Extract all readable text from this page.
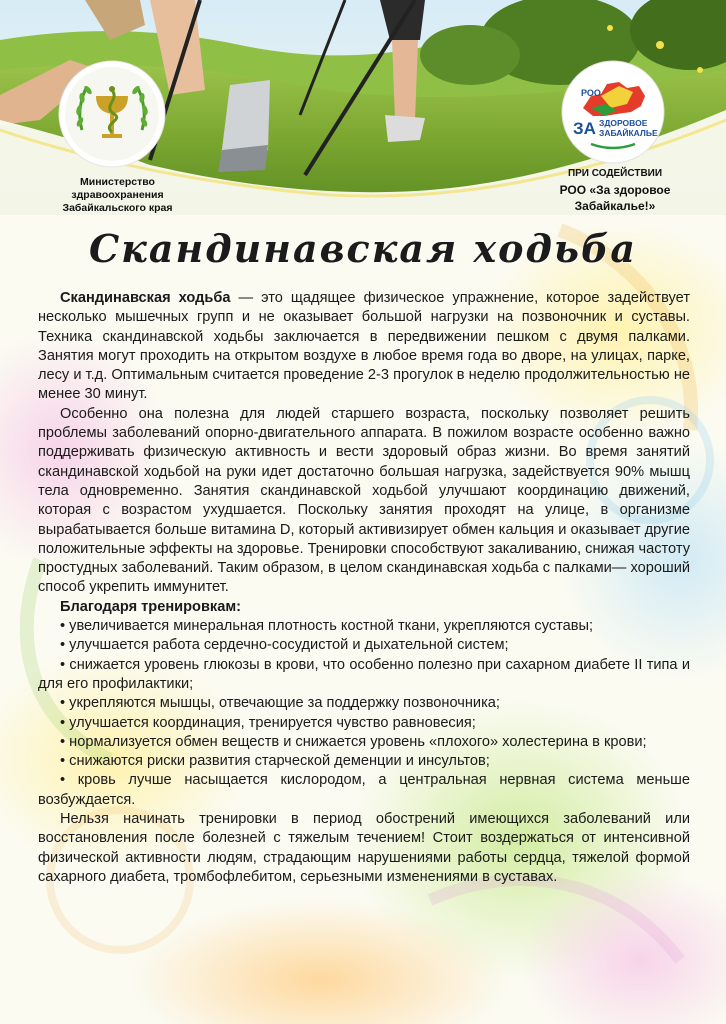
Министерство
здравоохранения
Забайкальского края
РОО
ЗА ЗДОРОВОЕ
ЗАБАЙКАЛЬЕ
ПРИ СОДЕЙСТВИИ
РОО «За здоровое
Забайкалье!»
Скандинавская ходьба

Скандинавская ходьба — это щадящее физическое упражнение, которое задействует несколько мышечных групп и не оказывает большой нагрузки на позвоночник и суставы. Техника скандинавской ходьбы заключается в передвижении пешком с двумя палками. Занятия могут проходить на открытом воздухе в любое время года во дворе, на улицах, парке, лесу и т.д. Оптимальным считается проведение 2-3 прогулок в неделю продолжительностью не менее 30 минут.

Особенно она полезна для людей старшего возраста, поскольку позволяет решить проблемы заболеваний опорно-двигательного аппарата. В пожилом возрасте особенно важно поддерживать физическую активность и вести здоровый образ жизни. Во время занятий скандинавской ходьбой на руки идет достаточно большая нагрузка, задействуется 90% мышц тела одновременно. Занятия скандинавской ходьбой улучшают координацию движений, которая с возрастом ухудшается. Поскольку занятия проходят на улице, в организме вырабатывается больше витамина D, который активизирует обмен кальция и оказывает другие положительные эффекты на здоровье. Тренировки способствуют закаливанию, снижая частоту простудных заболеваний. Таким образом, в целом скандинавская ходьба с палками— хороший способ укрепить иммунитет.

Благодаря тренировкам:
• увеличивается минеральная плотность костной ткани, укрепляются суставы;
• улучшается работа сердечно-сосудистой и дыхательной систем;
• снижается уровень глюкозы в крови, что особенно полезно при сахарном диабете II типа и для его профилактики;
• укрепляются мышцы, отвечающие за поддержку позвоночника;
• улучшается координация, тренируется чувство равновесия;
• нормализуется обмен веществ и снижается уровень «плохого» холестерина в крови;
• снижаются риски развития старческой деменции и инсультов;
• кровь лучше насыщается кислородом, а центральная нервная система меньше возбуждается.

Нельзя начинать тренировки в период обострений имеющихся заболеваний или восстановления после болезней с тяжелым течением! Стоит воздержаться от интенсивной физической активности людям, страдающим нарушениями работы сердца, тяжелой формой сахарного диабета, тромбофлебитом, серьезными изменениями в суставах.
